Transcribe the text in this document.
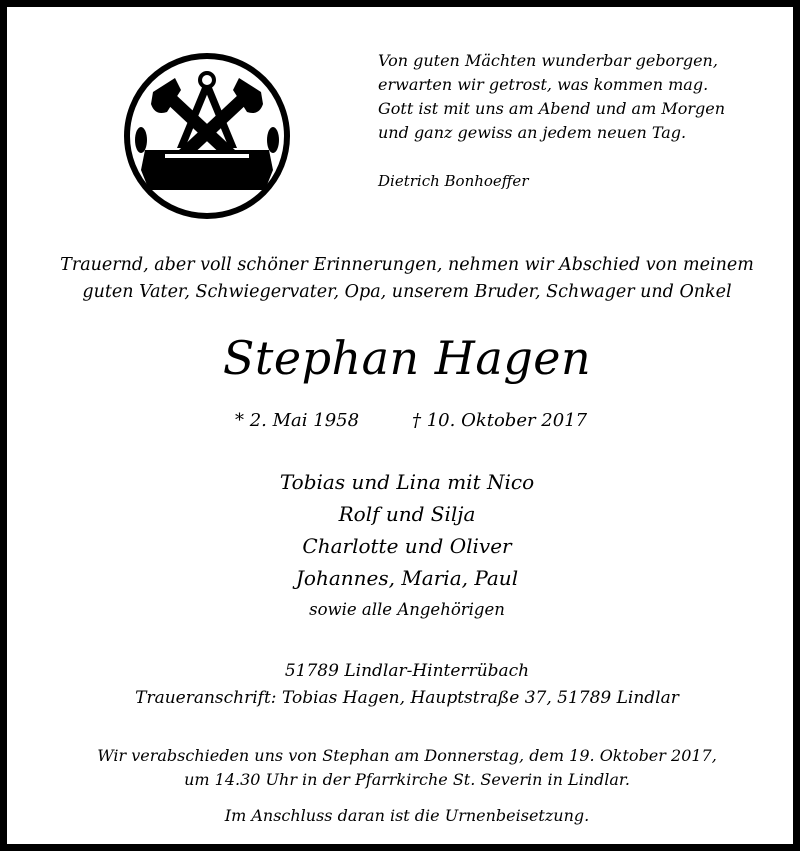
Von guten Mächten wunderbar geborgen,
erwarten wir getrost, was kommen mag.
Gott ist mit uns am Abend und am Morgen
und ganz gewiss an jedem neuen Tag.
Dietrich Bonhoeffer
Trauernd, aber voll schöner Erinnerungen, nehmen wir Abschied von meinem
guten Vater, Schwiegervater, Opa, unserem Bruder, Schwager und Onkel
Stephan Hagen
* 2. Mai 1958	† 10. Oktober 2017
Tobias und Lina mit Nico
Rolf und Silja
Charlotte und Oliver
Johannes, Maria, Paul
sowie alle Angehörigen
51789 Lindlar-Hinterrübach
Traueranschrift: Tobias Hagen, Hauptstraße 37, 51789 Lindlar
Wir verabschieden uns von Stephan am Donnerstag, dem 19. Oktober 2017,
um 14.30 Uhr in der Pfarrkirche St. Severin in Lindlar.
Im Anschluss daran ist die Urnenbeisetzung.
